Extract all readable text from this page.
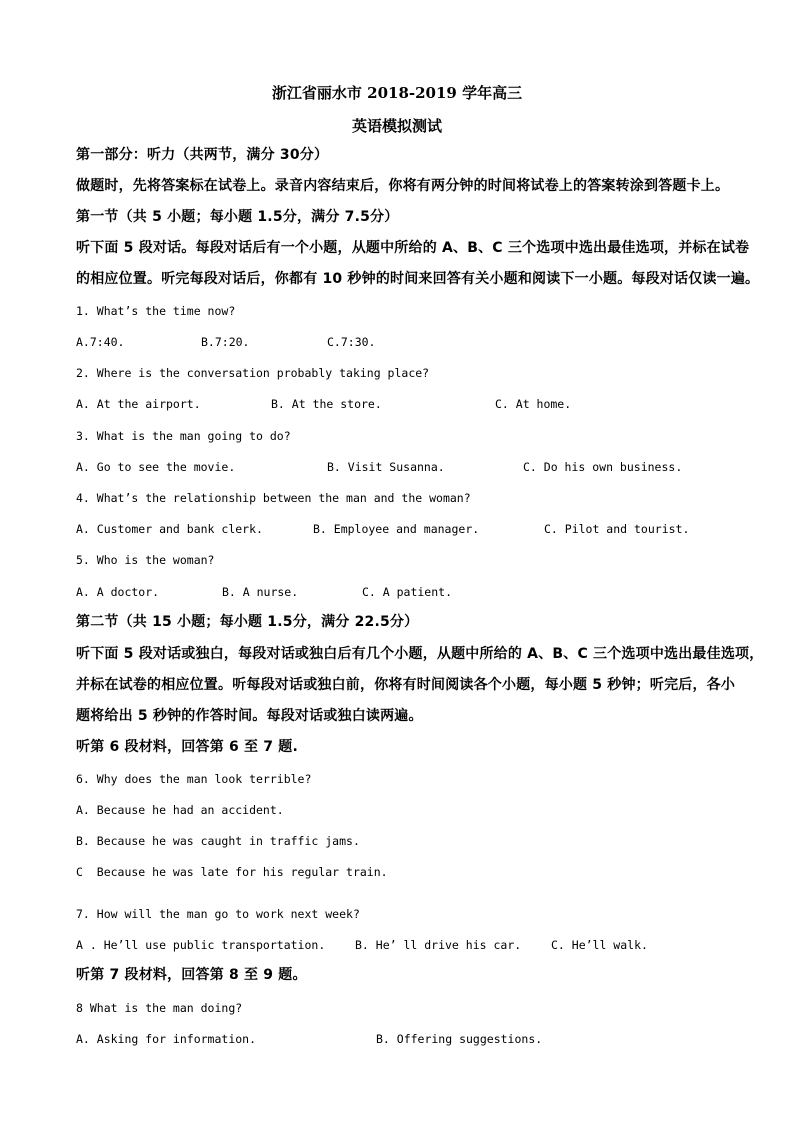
浙江省丽水市 2018-2019 学年高三
英语模拟测试
第一部分：听力（共两节，满分 30分）
做题时，先将答案标在试卷上。录音内容结束后，你将有两分钟的时间将试卷上的答案转涂到答题卡上。
第一节（共 5 小题；每小题 1.5分，满分 7.5分）
听下面 5 段对话。每段对话后有一个小题，从题中所给的 A、B、C 三个选项中选出最佳选项，并标在试卷
的相应位置。听完每段对话后，你都有 10 秒钟的时间来回答有关小题和阅读下一小题。每段对话仅读一遍。
1. What’s the time now?
A.7:40.	B.7:20.	C.7:30.
2. Where is the conversation probably taking place?
A. At the airport.	B. At the store.	C. At home.
3. What is the man going to do?
A. Go to see the movie.	B. Visit Susanna.	C. Do his own business.
4. What’s the relationship between the man and the woman?
A. Customer and bank clerk.	B. Employee and manager.	C. Pilot and tourist.
5. Who is the woman?
A. A doctor.	B. A nurse.	C. A patient.
第二节（共 15 小题；每小题 1.5分，满分 22.5分）
听下面 5 段对话或独白，每段对话或独白后有几个小题，从题中所给的 A、B、C 三个选项中选出最佳选项，
并标在试卷的相应位置。听每段对话或独白前，你将有时间阅读各个小题，每小题 5 秒钟；听完后，各小
题将给出 5 秒钟的作答时间。每段对话或独白读两遍。
听第 6 段材料，回答第 6 至 7 题.
6. Why does the man look terrible?
A. Because he had an accident.
B. Because he was caught in traffic jams.
C  Because he was late for his regular train.
7. How will the man go to work next week?
A . He’ll use public transportation.	B. He’ ll drive his car.	C. He’ll walk.
听第 7 段材料，回答第 8 至 9 题。
8 What is the man doing?
A. Asking for information.	B. Offering suggestions.
